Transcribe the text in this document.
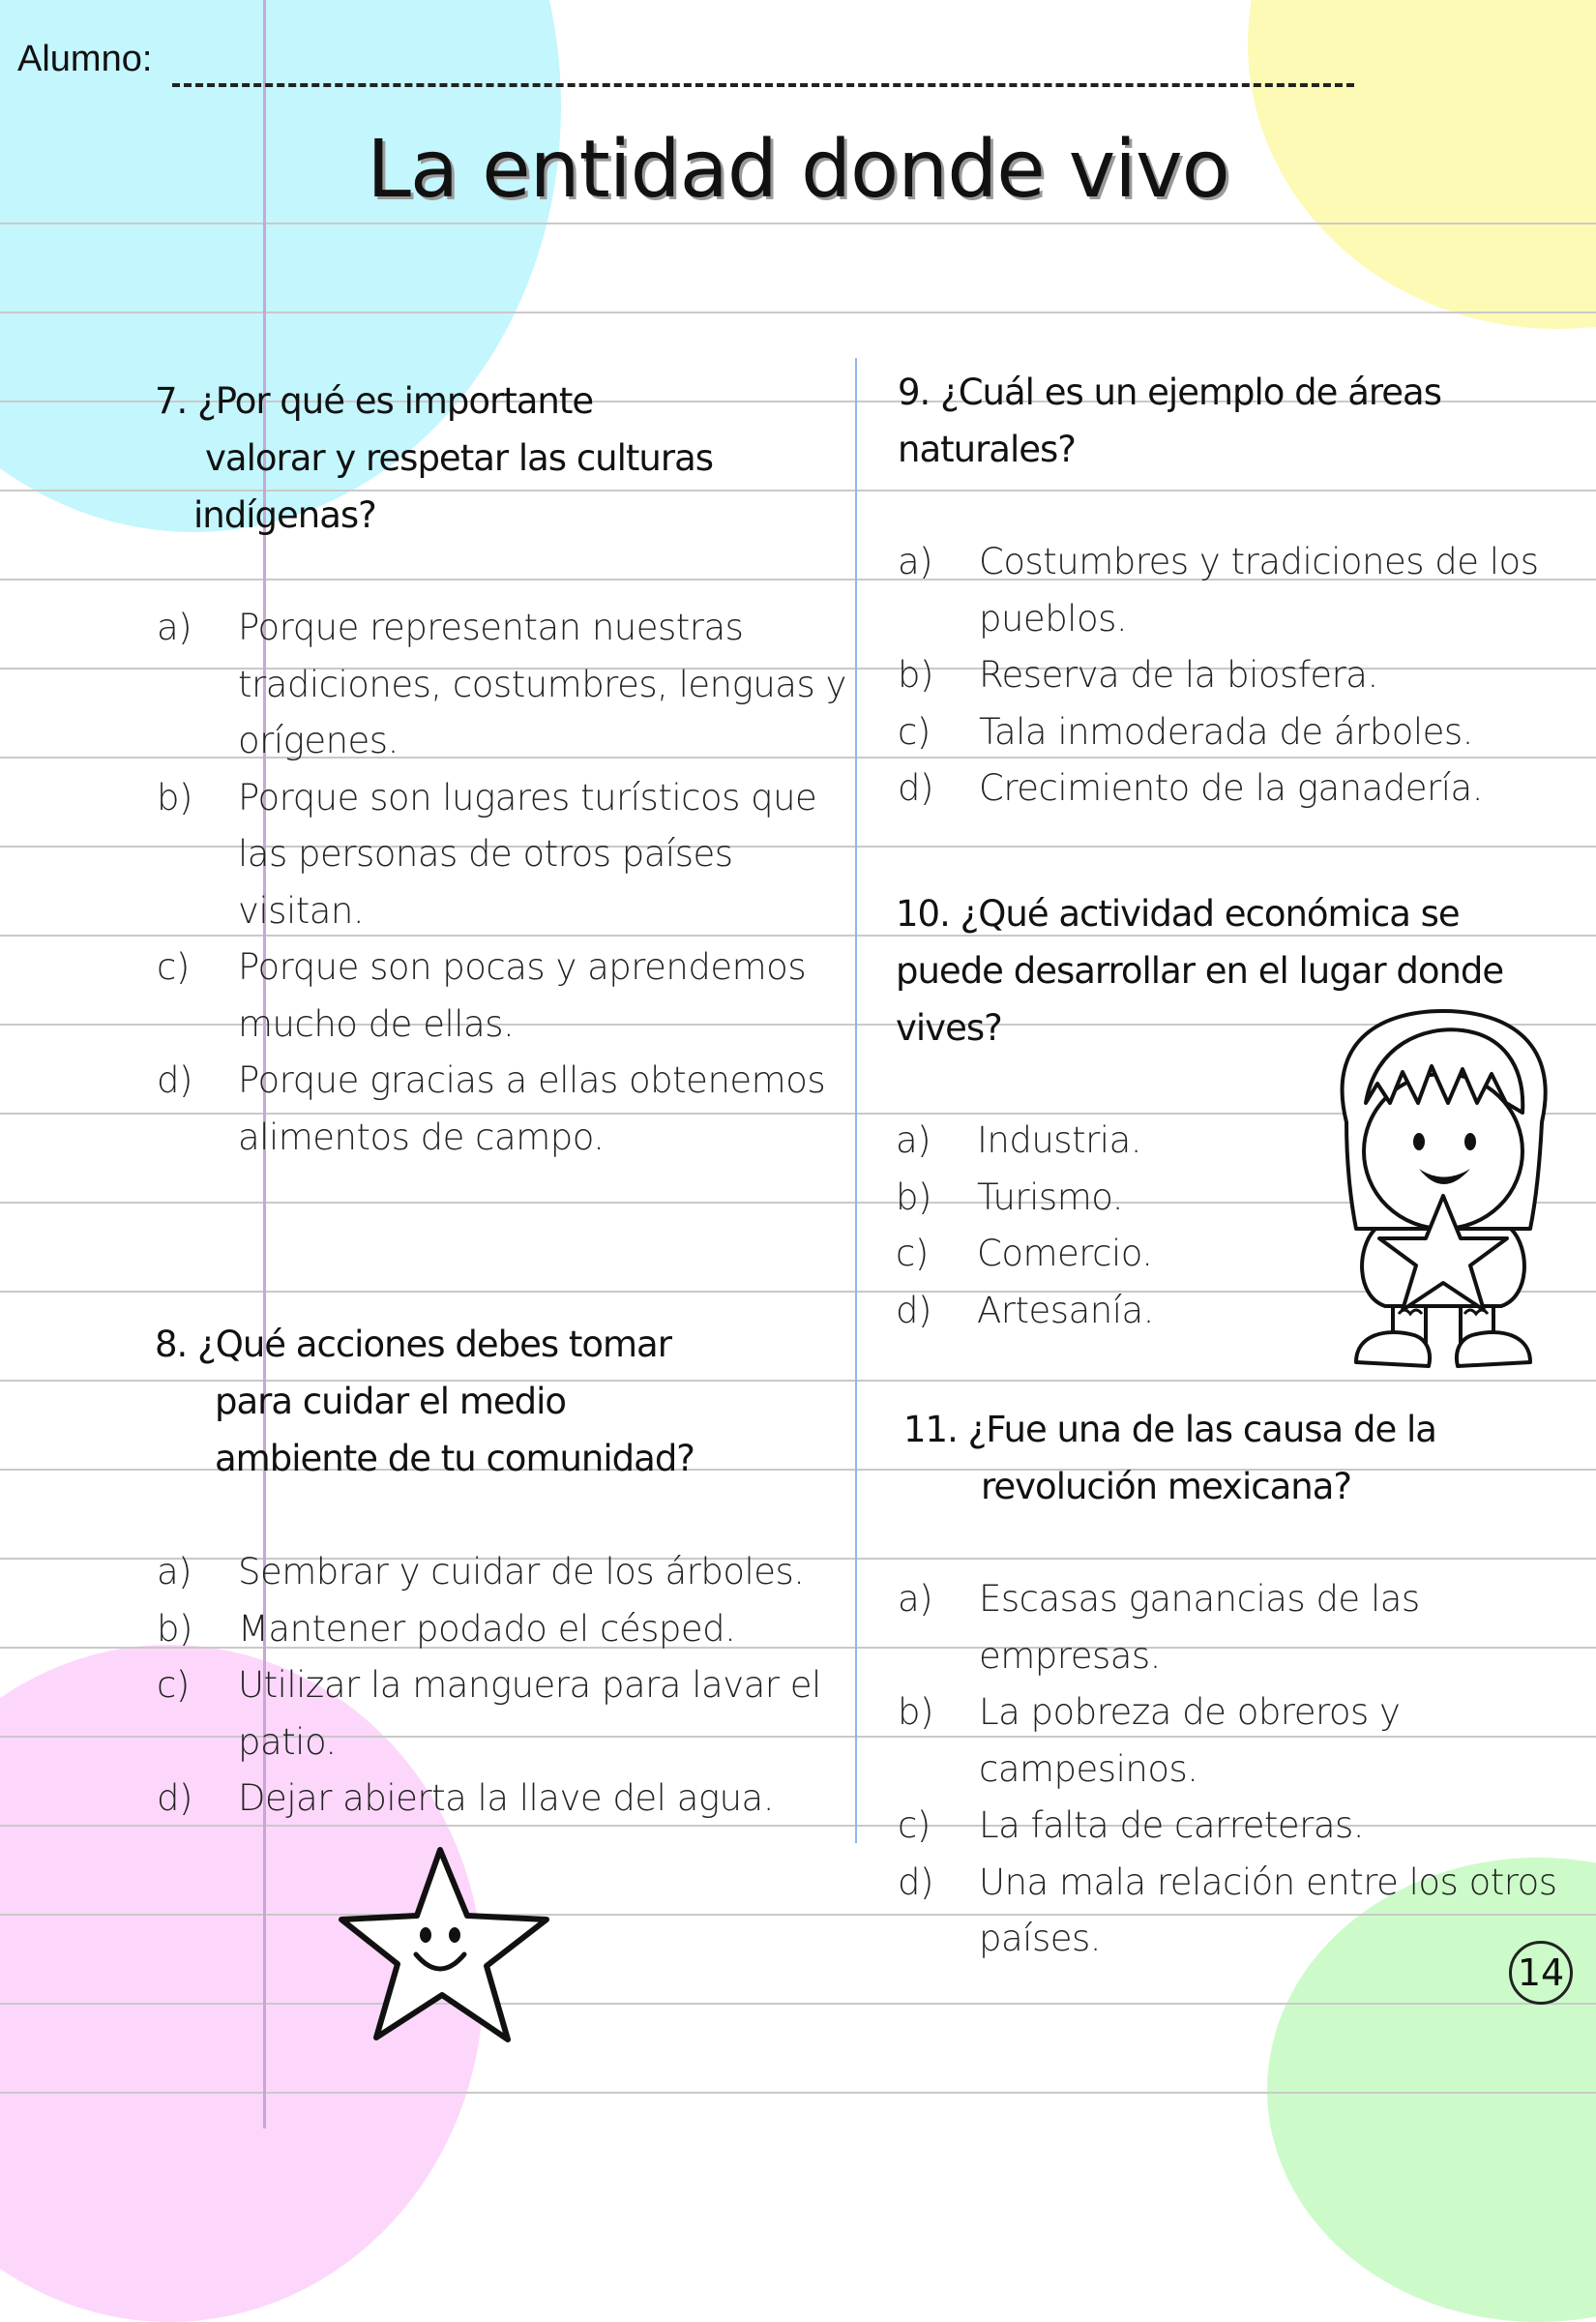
Alumno:
La entidad donde vivo
7. ¿Por qué es importante
valorar y respetar las culturas
indígenas?
a) Porque representan nuestras tradiciones, costumbres, lenguas y orígenes.
b) Porque son lugares turísticos que las personas de otros países visitan.
c) Porque son pocas y aprendemos mucho de ellas.
d) Porque gracias a ellas obtenemos alimentos de campo.
8. ¿Qué acciones debes tomar
para cuidar el medio
ambiente de tu comunidad?
a) Sembrar y cuidar de los árboles.
b) Mantener podado el césped.
c) Utilizar la manguera para lavar el patio.
d) Dejar abierta la llave del agua.
9. ¿Cuál es un ejemplo de áreas
naturales?
a) Costumbres y tradiciones de los pueblos.
b) Reserva de la biosfera.
c) Tala inmoderada de árboles.
d) Crecimiento de la ganadería.
10. ¿Qué actividad económica se
puede desarrollar en el lugar donde
vives?
a) Industria.
b) Turismo.
c) Comercio.
d) Artesanía.
11. ¿Fue una de las causa de la
revolución mexicana?
a) Escasas ganancias de las empresas.
b) La pobreza de obreros y campesinos.
c) La falta de carreteras.
d) Una mala relación entre los otros países.
14
